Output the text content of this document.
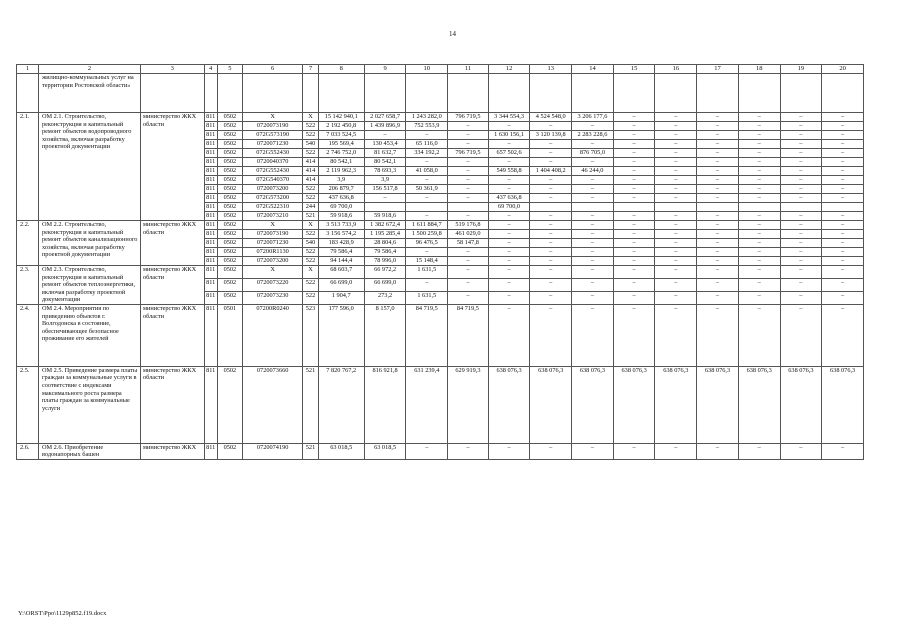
14
1	2	3	4	5	6	7	8	9	10	11	12	13	14	15	16	17	18	19	20
	жилищно-коммунальных услуг на территории Ростовской области»																		
2.1.	ОМ 2.1. Строительство, реконструкция и капитальный ремонт объектов водопроводного хозяйства, включая разработку проектной документации	министерство ЖКХ области	811	0502	Х	Х	15 142 940,1	2 027 658,7	1 243 282,0	796 719,5	3 344 554,3	4 524 548,0	3 206 177,6	–	–	–	–	–	–
			811	0502	072007319​0	522	2 192 450,8	1 439 896,9	752 553,9	–	–	–	–	–	–	–	–	–	–
			811	0502	072G573190	522	7 033 524,5	–	–	–	1 630 156,1	3 120 139,8	2 283 228,6	–	–	–	–	–	–
			811	0502	0720071230	540	195 569,4	130 453,4	65 116,0	–	–	–	–	–	–	–	–	–	–
			811	0502	072G552430	522	2 746 752,0	81 632,7	334 192,2	796 719,5	657 502,6	–	876 705,0	–	–	–	–	–	–
			811	0502	0720040370	414	80 542,1	80 542,1	–	–	–	–	–	–	–	–	–	–	–
			811	0502	072G552430	414	2 119 962,3	78 693,3	41 058,0	–	549 558,8	1 404 408,2	46 244,0	–	–	–	–	–	–
			811	0502	072G540370	414	3,9	3,9	–	–	–	–	–	–	–	–	–	–	–
			811	0502	0720073200	522	206 879,7	156 517,8	50 361,9	–	–	–	–	–	–	–	–	–	–
			811	0502	072G573200	522	437 636,8	–	–	–	437 636,8	–	–	–	–	–	–	–	–
			811	0502	072G522310	244	69 700,0				69 700,0								
			811	0502	0720073210	521	59 918,6	59 918,6	–	–	–	–	–	–	–	–	–	–	–
2.2.	ОМ 2.2. Строительство, реконструкция и капитальный ремонт объектов канализационного хозяйства, включая разработку проектной документации	министерство ЖКХ области	811	0502	Х	Х	3 513 733,9	1 382 672,4	1 611 884,7	519 176,8	–	–	–	–	–	–	–	–	–
			811	0502	0720073190	522	3 156 574,2	1 195 285,4	1 500 259,8	461 029,0	–	–	–	–	–	–	–	–	–
			811	0502	0720071230	540	183 428,9	28 804,6	96 476,5	58 147,8	–	–	–	–	–	–	–	–	–
			811	0502	07200R1130	522	79 586,4	79 586,4	–	–	–	–	–	–	–	–	–	–	–
			811	0502	0720073200	522	94 144,4	78 996,0	15 148,4	–	–	–	–	–	–	–	–	–	–
2.3.	ОМ 2.3. Строительство, реконструкция и капитальный ремонт объектов теплоэнергетики, включая разработку проектной документации	министерство ЖКХ области	811	0502	Х	Х	68 603,7	66 972,2	1 631,5	–	–	–	–	–	–	–	–	–	–
			811	0502	0720073220	522	66 699,0	66 699,0	–	–	–	–	–	–	–	–	–	–	–
			811	0502	0720073230	522	1 904,7	273,2	1 631,5	–	–	–	–	–	–	–	–	–	–
2.4.	ОМ 2.4. Мероприятия по приведению объектов г. Волгодонска в состояние, обеспечивающее безопасное проживание его жителей	министерство ЖКХ области	811	0501	07200R0240	523	177 596,0	8 157,0	84 719,5	84 719,5	–	–	–	–	–	–	–	–	–
2.5.	ОМ 2.5. Приведение размера платы граждан за коммунальные услуги в соответствие с индексами максимального роста размера платы граждан за коммунальные услуги	министерство ЖКХ области	811	0502	0720073660	521	7 820 767,2	816 921,8	631 239,4	629 919,3	638 076,3	638 076,3	638 076,3	638 076,3	638 076,3	638 076,3	638 076,3	638 076,3	638 076,3
2.6.	ОМ 2.6. Приобретение водонапорных башен	министерство ЖКХ	811	0502	0720074190	521	63 018,5	63 018,5	–	–	–	–	–	–	–	–	–	–	–
Y:\ORST\Ppo\1129p852.f19.docx
